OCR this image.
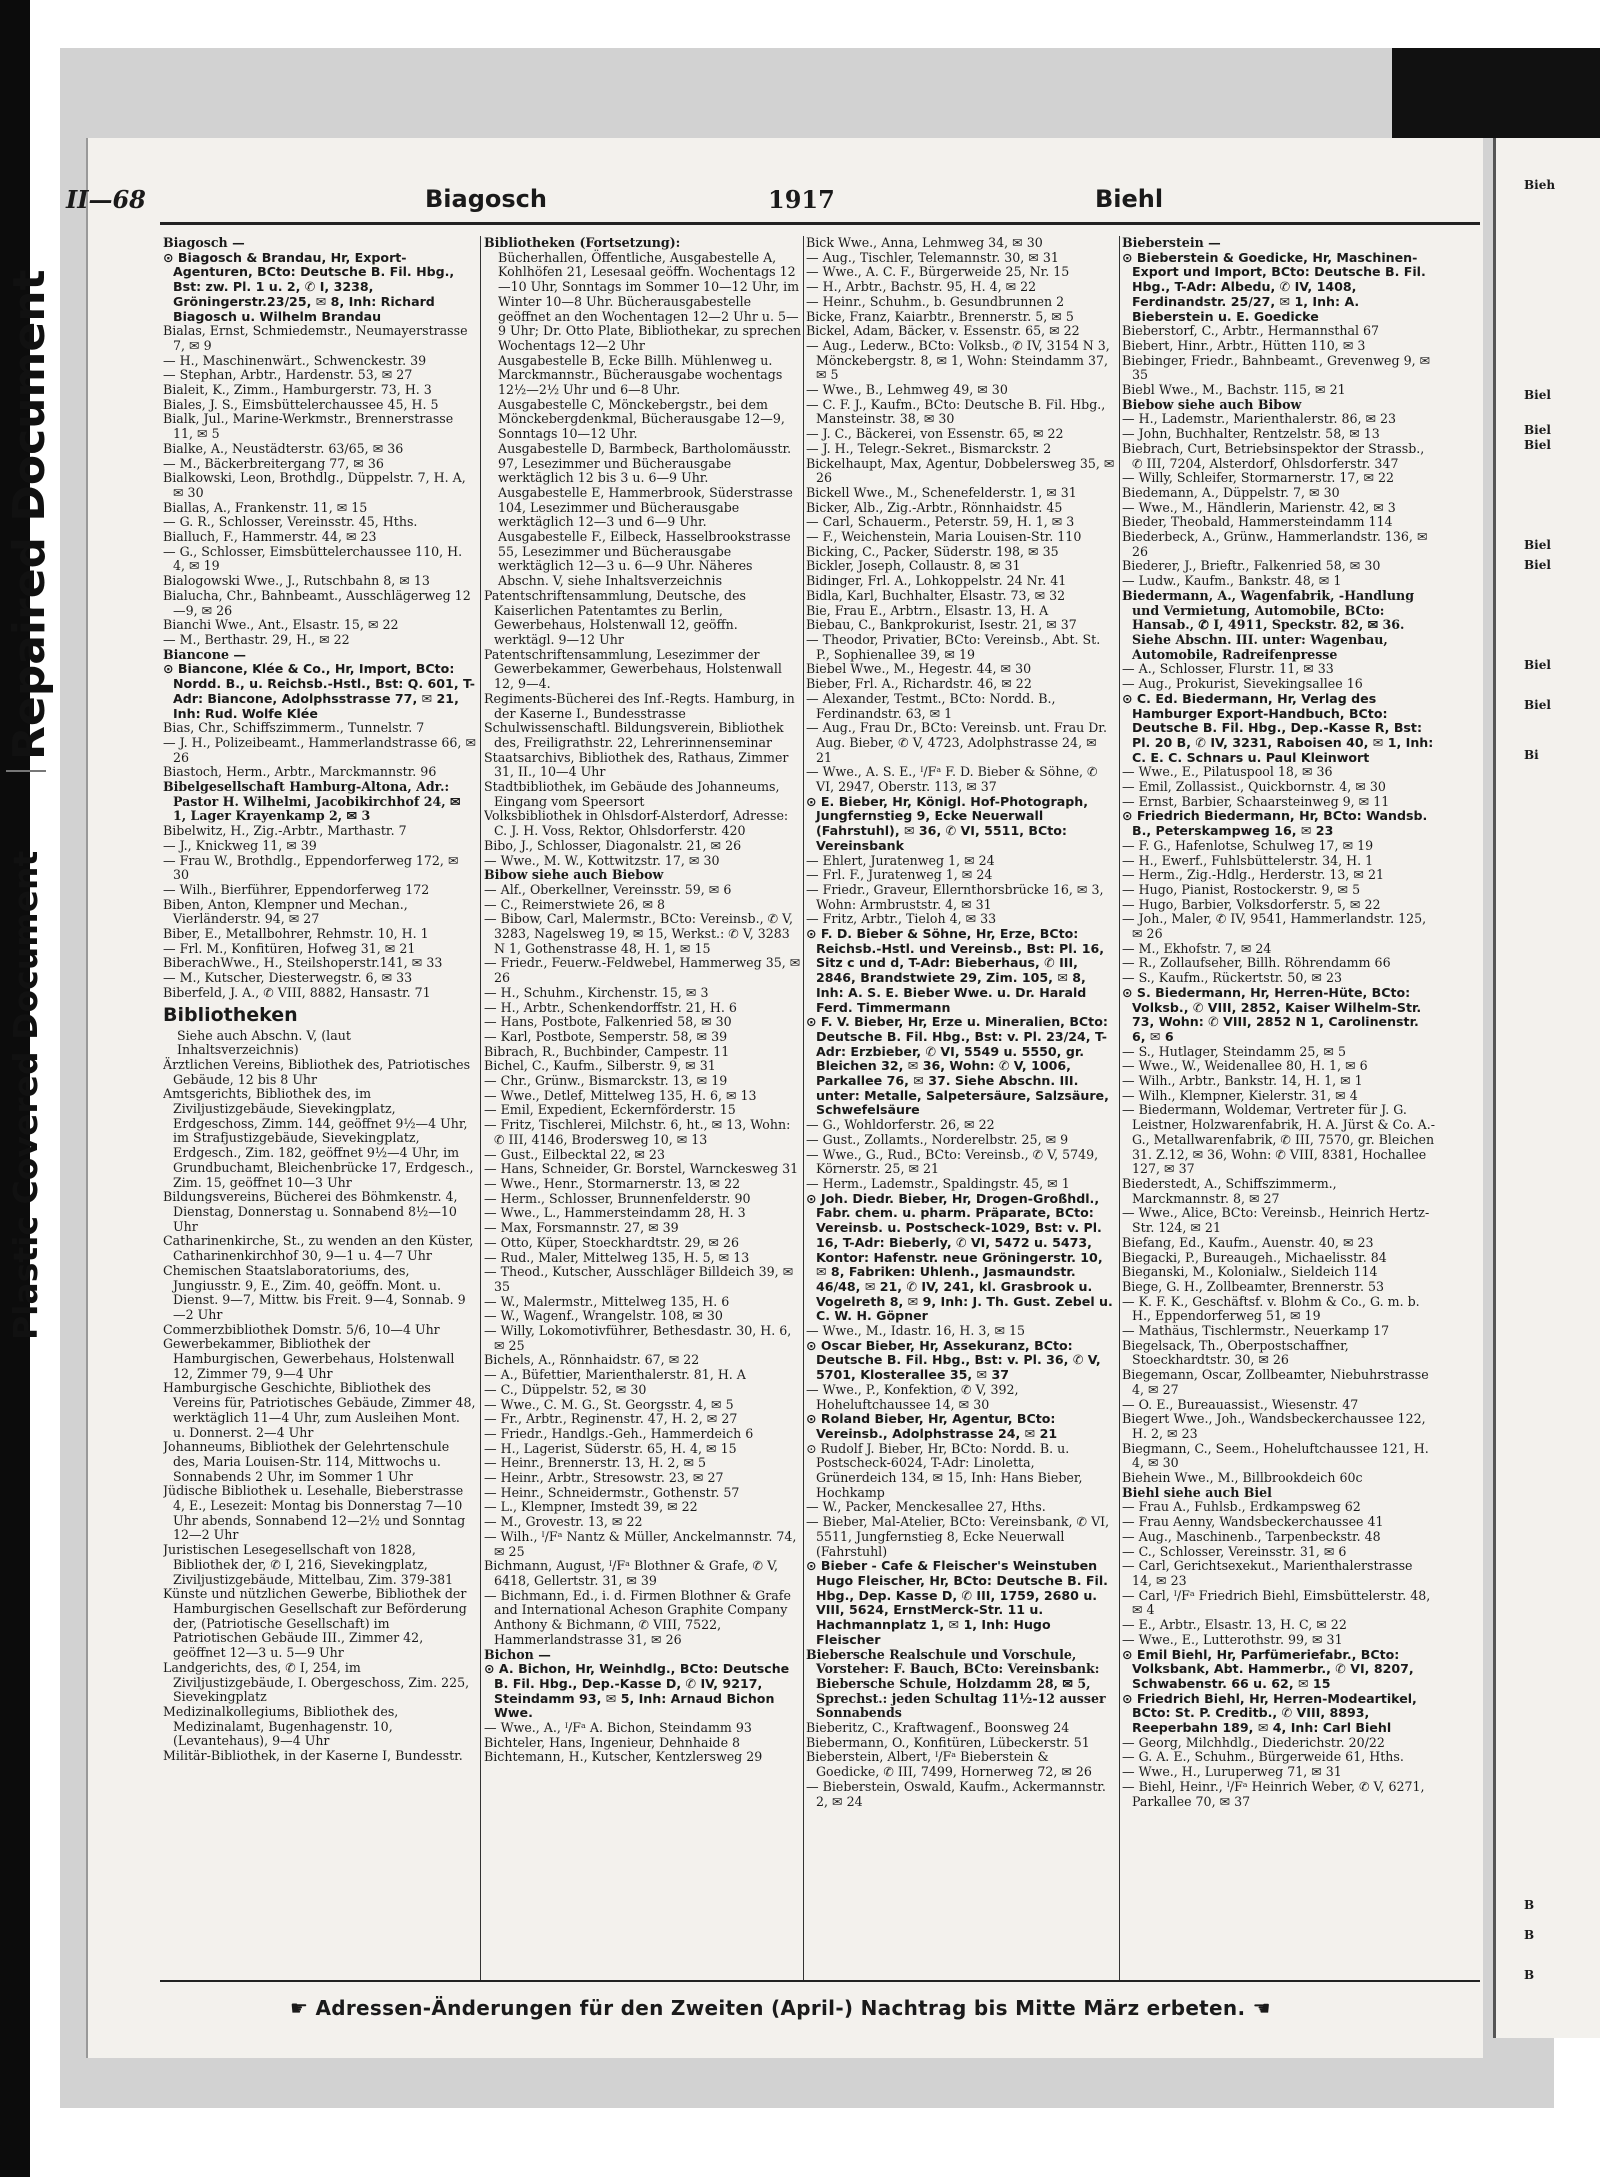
Repaired Document
Plastic Covered Document
Bieh
Biel
Biel
Biel
Biel
Biel
Biel
Biel
Bi
B
B
B
II—68	Biagosch	1917	Biehl

Biagosch —

⊙ Biagosch & Brandau, Hr, Export-Agenturen, BCto: Deutsche B. Fil. Hbg., Bst: zw. Pl. 1 u. 2, ✆ I, 3238, Gröningerstr.23/25, ✉ 8, Inh: Richard Biagosch u. Wilhelm Brandau

Bialas, Ernst, Schmiedemstr., Neumayerstrasse 7, ✉ 9

— H., Maschinenwärt., Schwenckestr. 39

— Stephan, Arbtr., Hardenstr. 53, ✉ 27

Bialeit, K., Zimm., Hamburgerstr. 73, H. 3

Biales, J. S., Eimsbüttelerchaussee 45, H. 5

Bialk, Jul., Marine-Werkmstr., Brennerstrasse 11, ✉ 5

Bialke, A., Neustädterstr. 63/65, ✉ 36

— M., Bäckerbreitergang 77, ✉ 36

Bialkowski, Leon, Brothdlg., Düppelstr. 7, H. A, ✉ 30

Biallas, A., Frankenstr. 11, ✉ 15

— G. R., Schlosser, Vereinsstr. 45, Hths.

Bialluch, F., Hammerstr. 44, ✉ 23

— G., Schlosser, Eimsbüttelerchaussee 110, H. 4, ✉ 19

Bialogowski Wwe., J., Rutschbahn 8, ✉ 13

Bialucha, Chr., Bahnbeamt., Ausschlägerweg 12—9, ✉ 26

Bianchi Wwe., Ant., Elsastr. 15, ✉ 22

— M., Berthastr. 29, H., ✉ 22

Biancone —

⊙ Biancone, Klée & Co., Hr, Import, BCto: Nordd. B., u. Reichsb.-Hstl., Bst: Q. 601, T-Adr: Biancone, Adolphsstrasse 77, ✉ 21, Inh: Rud. Wolfe Klée

Bias, Chr., Schiffszimmerm., Tunnelstr. 7

— J. H., Polizeibeamt., Hammerlandstrasse 66, ✉ 26

Biastoch, Herm., Arbtr., Marckmannstr. 96

Bibelgesellschaft Hamburg-Altona, Adr.: Pastor H. Wilhelmi, Jacobikirchhof 24, ✉ 1, Lager Krayenkamp 2, ✉ 3

Bibelwitz, H., Zig.-Arbtr., Marthastr. 7

— J., Knickweg 11, ✉ 39

— Frau W., Brothdlg., Eppendorferweg 172, ✉ 30

— Wilh., Bierführer, Eppendorferweg 172

Biben, Anton, Klempner und Mechan., Vierländerstr. 94, ✉ 27

Biber, E., Metallbohrer, Rehmstr. 10, H. 1

— Frl. M., Konfitüren, Hofweg 31, ✉ 21

BiberachWwe., H., Steilshoperstr.141, ✉ 33

— M., Kutscher, Diesterwegstr. 6, ✉ 33

Biberfeld, J. A., ✆ VIII, 8882, Hansastr. 71

Bibliotheken

Siehe auch Abschn. V, (laut Inhaltsverzeichnis)

Ärztlichen Vereins, Bibliothek des, Patriotisches Gebäude, 12 bis 8 Uhr

Amtsgerichts, Bibliothek des, im Ziviljustizgebäude, Sievekingplatz, Erdgeschoss, Zimm. 144, geöffnet 9½—4 Uhr, im Strafjustizgebäude, Sievekingplatz, Erdgesch., Zim. 182, geöffnet 9½—4 Uhr, im Grundbuchamt, Bleichenbrücke 17, Erdgesch., Zim. 15, geöffnet 10—3 Uhr

Bildungsvereins, Bücherei des Böhmkenstr. 4, Dienstag, Donnerstag u. Sonnabend 8½—10 Uhr

Catharinenkirche, St., zu wenden an den Küster, Catharinenkirchhof 30, 9—1 u. 4—7 Uhr

Chemischen Staatslaboratoriums, des, Jungiusstr. 9, E., Zim. 40, geöffn. Mont. u. Dienst. 9—7, Mittw. bis Freit. 9—4, Sonnab. 9—2 Uhr

Commerzbibliothek Domstr. 5/6, 10—4 Uhr

Gewerbekammer, Bibliothek der Hamburgischen, Gewerbehaus, Holstenwall 12, Zimmer 79, 9—4 Uhr

Hamburgische Geschichte, Bibliothek des Vereins für, Patriotisches Gebäude, Zimmer 48, werktäglich 11—4 Uhr, zum Ausleihen Mont. u. Donnerst. 2—4 Uhr

Johanneums, Bibliothek der Gelehrtenschule des, Maria Louisen-Str. 114, Mittwochs u. Sonnabends 2 Uhr, im Sommer 1 Uhr

Jüdische Bibliothek u. Lesehalle, Bieberstrasse 4, E., Lesezeit: Montag bis Donnerstag 7—10 Uhr abends, Sonnabend 12—2½ und Sonntag 12—2 Uhr

Juristischen Lesegesellschaft von 1828, Bibliothek der, ✆ I, 216, Sievekingplatz, Ziviljustizgebäude, Mittelbau, Zim. 379-381

Künste und nützlichen Gewerbe, Bibliothek der Hamburgischen Gesellschaft zur Beförderung der, (Patriotische Gesellschaft) im Patriotischen Gebäude III., Zimmer 42, geöffnet 12—3 u. 5—9 Uhr

Landgerichts, des, ✆ I, 254, im Ziviljustizgebäude, I. Obergeschoss, Zim. 225, Sievekingplatz

Medizinalkollegiums, Bibliothek des, Medizinalamt, Bugenhagenstr. 10, (Levantehaus), 9—4 Uhr

Militär-Bibliothek, in der Kaserne I, Bundesstr.

Bibliotheken (Fortsetzung):

Bücherhallen, Öffentliche, Ausgabestelle A, Kohlhöfen 21, Lesesaal geöffn. Wochentags 12—10 Uhr, Sonntags im Sommer 10—12 Uhr, im Winter 10—8 Uhr. Bücherausgabestelle geöffnet an den Wochentagen 12—2 Uhr u. 5—9 Uhr; Dr. Otto Plate, Bibliothekar, zu sprechen Wochentags 12—2 Uhr

Ausgabestelle B, Ecke Billh. Mühlenweg u. Marckmannstr., Bücherausgabe wochentags 12½—2½ Uhr und 6—8 Uhr.

Ausgabestelle C, Mönckebergstr., bei dem Mönckebergdenkmal, Bücherausgabe 12—9, Sonntags 10—12 Uhr.

Ausgabestelle D, Barmbeck, Bartholomäusstr. 97, Lesezimmer und Bücherausgabe werktäglich 12 bis 3 u. 6—9 Uhr.

Ausgabestelle E, Hammerbrook, Süderstrasse 104, Lesezimmer und Bücherausgabe werktäglich 12—3 und 6—9 Uhr.

Ausgabestelle F., Eilbeck, Hasselbrookstrasse 55, Lesezimmer und Bücherausgabe werktäglich 12—3 u. 6—9 Uhr. Näheres Abschn. V, siehe Inhaltsverzeichnis

Patentschriftensammlung, Deutsche, des Kaiserlichen Patentamtes zu Berlin, Gewerbehaus, Holstenwall 12, geöffn. werktägl. 9—12 Uhr

Patentschriftensammlung, Lesezimmer der Gewerbekammer, Gewerbehaus, Holstenwall 12, 9—4.

Regiments-Bücherei des Inf.-Regts. Hamburg, in der Kaserne I., Bundesstrasse

Schulwissenschaftl. Bildungsverein, Bibliothek des, Freiligrathstr. 22, Lehrerinnenseminar

Staatsarchivs, Bibliothek des, Rathaus, Zimmer 31, II., 10—4 Uhr

Stadtbibliothek, im Gebäude des Johanneums, Eingang vom Speersort

Volksbibliothek in Ohlsdorf-Alsterdorf, Adresse: C. J. H. Voss, Rektor, Ohlsdorferstr. 420

Bibo, J., Schlosser, Diagonalstr. 21, ✉ 26

— Wwe., M. W., Kottwitzstr. 17, ✉ 30

Bibow siehe auch Biebow

— Alf., Oberkellner, Vereinsstr. 59, ✉ 6

— C., Reimerstwiete 26, ✉ 8

— Bibow, Carl, Malermstr., BCto: Vereinsb., ✆ V, 3283, Nagelsweg 19, ✉ 15, Werkst.: ✆ V, 3283 N 1, Gothenstrasse 48, H. 1, ✉ 15

— Friedr., Feuerw.-Feldwebel, Hammerweg 35, ✉ 26

— H., Schuhm., Kirchenstr. 15, ✉ 3

— H., Arbtr., Schenkendorffstr. 21, H. 6

— Hans, Postbote, Falkenried 58, ✉ 30

— Karl, Postbote, Semperstr. 58, ✉ 39

Bibrach, R., Buchbinder, Campestr. 11

Bichel, C., Kaufm., Silberstr. 9, ✉ 31

— Chr., Grünw., Bismarckstr. 13, ✉ 19

— Wwe., Detlef, Mittelweg 135, H. 6, ✉ 13

— Emil, Expedient, Eckernförderstr. 15

— Fritz, Tischlerei, Milchstr. 6, ht., ✉ 13, Wohn: ✆ III, 4146, Brodersweg 10, ✉ 13

— Gust., Eilbecktal 22, ✉ 23

— Hans, Schneider, Gr. Borstel, Warnckesweg 31

— Wwe., Henr., Stormarnerstr. 13, ✉ 22

— Herm., Schlosser, Brunnenfelderstr. 90

— Wwe., L., Hammersteindamm 28, H. 3

— Max, Forsmannstr. 27, ✉ 39

— Otto, Küper, Stoeckhardtstr. 29, ✉ 26

— Rud., Maler, Mittelweg 135, H. 5, ✉ 13

— Theod., Kutscher, Ausschläger Billdeich 39, ✉ 35

— W., Malermstr., Mittelweg 135, H. 6

— W., Wagenf., Wrangelstr. 108, ✉ 30

— Willy, Lokomotivführer, Bethesdastr. 30, H. 6, ✉ 25

Bichels, A., Rönnhaidstr. 67, ✉ 22

— A., Büfettier, Marienthalerstr. 81, H. A

— C., Düppelstr. 52, ✉ 30

— Wwe., C. M. G., St. Georgsstr. 4, ✉ 5

— Fr., Arbtr., Reginenstr. 47, H. 2, ✉ 27

— Friedr., Handlgs.-Geh., Hammerdeich 6

— H., Lagerist, Süderstr. 65, H. 4, ✉ 15

— Heinr., Brennerstr. 13, H. 2, ✉ 5

— Heinr., Arbtr., Stresowstr. 23, ✉ 27

— Heinr., Schneidermstr., Gothenstr. 57

— L., Klempner, Imstedt 39, ✉ 22

— M., Grovestr. 13, ✉ 22

— Wilh., ᴵ/Fᵃ Nantz & Müller, Anckelmannstr. 74, ✉ 25

Bichmann, August, ᴵ/Fᵃ Blothner & Grafe, ✆ V, 6418, Gellertstr. 31, ✉ 39

— Bichmann, Ed., i. d. Firmen Blothner & Grafe and International Acheson Graphite Company Anthony & Bichmann, ✆ VIII, 7522, Hammerlandstrasse 31, ✉ 26

Bichon —

⊙ A. Bichon, Hr, Weinhdlg., BCto: Deutsche B. Fil. Hbg., Dep.-Kasse D, ✆ IV, 9217, Steindamm 93, ✉ 5, Inh: Arnaud Bichon Wwe.

— Wwe., A., ᴵ/Fᵃ A. Bichon, Steindamm 93

Bichteler, Hans, Ingenieur, Dehnhaide 8

Bichtemann, H., Kutscher, Kentzlersweg 29

Bick Wwe., Anna, Lehmweg 34, ✉ 30

— Aug., Tischler, Telemannstr. 30, ✉ 31

— Wwe., A. C. F., Bürgerweide 25, Nr. 15

— H., Arbtr., Bachstr. 95, H. 4, ✉ 22

— Heinr., Schuhm., b. Gesundbrunnen 2

Bicke, Franz, Kaiarbtr., Brennerstr. 5, ✉ 5

Bickel, Adam, Bäcker, v. Essenstr. 65, ✉ 22

— Aug., Lederw., BCto: Volksb., ✆ IV, 3154 N 3, Mönckebergstr. 8, ✉ 1, Wohn: Steindamm 37, ✉ 5

— Wwe., B., Lehmweg 49, ✉ 30

— C. F. J., Kaufm., BCto: Deutsche B. Fil. Hbg., Mansteinstr. 38, ✉ 30

— J. C., Bäckerei, von Essenstr. 65, ✉ 22

— J. H., Telegr.-Sekret., Bismarckstr. 2

Bickelhaupt, Max, Agentur, Dobbelersweg 35, ✉ 26

Bickell Wwe., M., Schenefelderstr. 1, ✉ 31

Bicker, Alb., Zig.-Arbtr., Rönnhaidstr. 45

— Carl, Schauerm., Peterstr. 59, H. 1, ✉ 3

— F., Weichenstein, Maria Louisen-Str. 110

Bicking, C., Packer, Süderstr. 198, ✉ 35

Bickler, Joseph, Collaustr. 8, ✉ 31

Bidinger, Frl. A., Lohkoppelstr. 24 Nr. 41

Bidla, Karl, Buchhalter, Elsastr. 73, ✉ 32

Bie, Frau E., Arbtrn., Elsastr. 13, H. A

Biebau, C., Bankprokurist, Isestr. 21, ✉ 37

— Theodor, Privatier, BCto: Vereinsb., Abt. St. P., Sophienallee 39, ✉ 19

Biebel Wwe., M., Hegestr. 44, ✉ 30

Bieber, Frl. A., Richardstr. 46, ✉ 22

— Alexander, Testmt., BCto: Nordd. B., Ferdinandstr. 63, ✉ 1

— Aug., Frau Dr., BCto: Vereinsb. unt. Frau Dr. Aug. Bieber, ✆ V, 4723, Adolphstrasse 24, ✉ 21

— Wwe., A. S. E., ᴵ/Fᵃ F. D. Bieber & Söhne, ✆ VI, 2947, Oberstr. 113, ✉ 37

⊙ E. Bieber, Hr, Königl. Hof-Photograph, Jungfernstieg 9, Ecke Neuerwall (Fahrstuhl), ✉ 36, ✆ VI, 5511, BCto: Vereinsbank

— Ehlert, Juratenweg 1, ✉ 24

— Frl. F., Juratenweg 1, ✉ 24

— Friedr., Graveur, Ellernthorsbrücke 16, ✉ 3, Wohn: Armbruststr. 4, ✉ 31

— Fritz, Arbtr., Tieloh 4, ✉ 33

⊙ F. D. Bieber & Söhne, Hr, Erze, BCto: Reichsb.-Hstl. und Vereinsb., Bst: Pl. 16, Sitz c und d, T-Adr: Bieberhaus, ✆ III, 2846, Brandstwiete 29, Zim. 105, ✉ 8, Inh: A. S. E. Bieber Wwe. u. Dr. Harald Ferd. Timmermann

⊙ F. V. Bieber, Hr, Erze u. Mineralien, BCto: Deutsche B. Fil. Hbg., Bst: v. Pl. 23/24, T-Adr: Erzbieber, ✆ VI, 5549 u. 5550, gr. Bleichen 32, ✉ 36, Wohn: ✆ V, 1006, Parkallee 76, ✉ 37. Siehe Abschn. III. unter: Metalle, Salpetersäure, Salzsäure, Schwefelsäure

— G., Wohldorferstr. 26, ✉ 22

— Gust., Zollamts., Norderelbstr. 25, ✉ 9

— Wwe., G., Rud., BCto: Vereinsb., ✆ V, 5749, Körnerstr. 25, ✉ 21

— Herm., Lademstr., Spaldingstr. 45, ✉ 1

⊙ Joh. Diedr. Bieber, Hr, Drogen-Großhdl., Fabr. chem. u. pharm. Präparate, BCto: Vereinsb. u. Postscheck-1029, Bst: v. Pl. 16, T-Adr: Bieberly, ✆ VI, 5472 u. 5473, Kontor: Hafenstr. neue Gröningerstr. 10, ✉ 8, Fabriken: Uhlenh., Jasmaundstr. 46/48, ✉ 21, ✆ IV, 241, kl. Grasbrook u. Vogelreth 8, ✉ 9, Inh: J. Th. Gust. Zebel u. C. W. H. Göpner

— Wwe., M., Idastr. 16, H. 3, ✉ 15

⊙ Oscar Bieber, Hr, Assekuranz, BCto: Deutsche B. Fil. Hbg., Bst: v. Pl. 36, ✆ V, 5701, Klosterallee 35, ✉ 37

— Wwe., P., Konfektion, ✆ V, 392, Hoheluftchaussee 14, ✉ 30

⊙ Roland Bieber, Hr, Agentur, BCto: Vereinsb., Adolphstrasse 24, ✉ 21

⊙ Rudolf J. Bieber, Hr, BCto: Nordd. B. u. Postscheck-6024, T-Adr: Linoletta, Grünerdeich 134, ✉ 15, Inh: Hans Bieber, Hochkamp

— W., Packer, Menckesallee 27, Hths.

— Bieber, Mal-Atelier, BCto: Vereinsbank, ✆ VI, 5511, Jungfernstieg 8, Ecke Neuerwall (Fahrstuhl)

⊙ Bieber - Cafe & Fleischer's Weinstuben Hugo Fleischer, Hr, BCto: Deutsche B. Fil. Hbg., Dep. Kasse D, ✆ III, 1759, 2680 u. VIII, 5624, ErnstMerck-Str. 11 u. Hachmannplatz 1, ✉ 1, Inh: Hugo Fleischer

Biebersche Realschule und Vorschule, Vorsteher: F. Bauch, BCto: Vereinsbank: Biebersche Schule, Holzdamm 28, ✉ 5, Sprechst.: jeden Schultag 11½-12 ausser Sonnabends

Bieberitz, C., Kraftwagenf., Boonsweg 24

Biebermann, O., Konfitüren, Lübeckerstr. 51

Bieberstein, Albert, ᴵ/Fᵃ Bieberstein & Goedicke, ✆ III, 7499, Hornerweg 72, ✉ 26

— Bieberstein, Oswald, Kaufm., Ackermannstr. 2, ✉ 24

Bieberstein —

⊙ Bieberstein & Goedicke, Hr, Maschinen-Export und Import, BCto: Deutsche B. Fil. Hbg., T-Adr: Albedu, ✆ IV, 1408, Ferdinandstr. 25/27, ✉ 1, Inh: A. Bieberstein u. E. Goedicke

Bieberstorf, C., Arbtr., Hermannsthal 67

Biebert, Hinr., Arbtr., Hütten 110, ✉ 3

Biebinger, Friedr., Bahnbeamt., Grevenweg 9, ✉ 35

Biebl Wwe., M., Bachstr. 115, ✉ 21

Biebow siehe auch Bibow

— H., Lademstr., Marienthalerstr. 86, ✉ 23

— John, Buchhalter, Rentzelstr. 58, ✉ 13

Biebrach, Curt, Betriebsinspektor der Strassb., ✆ III, 7204, Alsterdorf, Ohlsdorferstr. 347

— Willy, Schleifer, Stormarnerstr. 17, ✉ 22

Biedemann, A., Düppelstr. 7, ✉ 30

— Wwe., M., Händlerin, Marienstr. 42, ✉ 3

Bieder, Theobald, Hammersteindamm 114

Biederbeck, A., Grünw., Hammerlandstr. 136, ✉ 26

Biederer, J., Brieftr., Falkenried 58, ✉ 30

— Ludw., Kaufm., Bankstr. 48, ✉ 1

Biedermann, A., Wagenfabrik, -Handlung und Vermietung, Automobile, BCto: Hansab., ✆ I, 4911, Speckstr. 82, ✉ 36. Siehe Abschn. III. unter: Wagenbau, Automobile, Radreifenpresse

— A., Schlosser, Flurstr. 11, ✉ 33

— Aug., Prokurist, Sievekingsallee 16

⊙ C. Ed. Biedermann, Hr, Verlag des Hamburger Export-Handbuch, BCto: Deutsche B. Fil. Hbg., Dep.-Kasse R, Bst: Pl. 20 B, ✆ IV, 3231, Raboisen 40, ✉ 1, Inh: C. E. C. Schnars u. Paul Kleinwort

— Wwe., E., Pilatuspool 18, ✉ 36

— Emil, Zollassist., Quickbornstr. 4, ✉ 30

— Ernst, Barbier, Schaarsteinweg 9, ✉ 11

⊙ Friedrich Biedermann, Hr, BCto: Wandsb. B., Peterskampweg 16, ✉ 23

— F. G., Hafenlotse, Schulweg 17, ✉ 19

— H., Ewerf., Fuhlsbüttelerstr. 34, H. 1

— Herm., Zig.-Hdlg., Herderstr. 13, ✉ 21

— Hugo, Pianist, Rostockerstr. 9, ✉ 5

— Hugo, Barbier, Volksdorferstr. 5, ✉ 22

— Joh., Maler, ✆ IV, 9541, Hammerlandstr. 125, ✉ 26

— M., Ekhofstr. 7, ✉ 24

— R., Zollaufseher, Billh. Röhrendamm 66

— S., Kaufm., Rückertstr. 50, ✉ 23

⊙ S. Biedermann, Hr, Herren-Hüte, BCto: Volksb., ✆ VIII, 2852, Kaiser Wilhelm-Str. 73, Wohn: ✆ VIII, 2852 N 1, Carolinenstr. 6, ✉ 6

— S., Hutlager, Steindamm 25, ✉ 5

— Wwe., W., Weidenallee 80, H. 1, ✉ 6

— Wilh., Arbtr., Bankstr. 14, H. 1, ✉ 1

— Wilh., Klempner, Kielerstr. 31, ✉ 4

— Biedermann, Woldemar, Vertreter für J. G. Leistner, Holzwarenfabrik, H. A. Jürst & Co. A.-G., Metallwarenfabrik, ✆ III, 7570, gr. Bleichen 31. Z.12, ✉ 36, Wohn: ✆ VIII, 8381, Hochallee 127, ✉ 37

Biederstedt, A., Schiffszimmerm., Marckmannstr. 8, ✉ 27

— Wwe., Alice, BCto: Vereinsb., Heinrich Hertz-Str. 124, ✉ 21

Biefang, Ed., Kaufm., Auenstr. 40, ✉ 23

Biegacki, P., Bureaugeh., Michaelisstr. 84

Bieganski, M., Kolonialw., Sieldeich 114

Biege, G. H., Zollbeamter, Brennerstr. 53

— K. F. K., Geschäftsf. v. Blohm & Co., G. m. b. H., Eppendorferweg 51, ✉ 19

— Mathäus, Tischlermstr., Neuerkamp 17

Biegelsack, Th., Oberpostschaffner, Stoeckhardtstr. 30, ✉ 26

Biegemann, Oscar, Zollbeamter, Niebuhrstrasse 4, ✉ 27

— O. E., Bureauassist., Wiesenstr. 47

Biegert Wwe., Joh., Wandsbeckerchaussee 122, H. 2, ✉ 23

Biegmann, C., Seem., Hoheluftchaussee 121, H. 4, ✉ 30

Biehein Wwe., M., Billbrookdeich 60c

Biehl siehe auch Biel

— Frau A., Fuhlsb., Erdkampsweg 62

— Frau Aenny, Wandsbeckerchaussee 41

— Aug., Maschinenb., Tarpenbeckstr. 48

— C., Schlosser, Vereinsstr. 31, ✉ 6

— Carl, Gerichtsexekut., Marienthalerstrasse 14, ✉ 23

— Carl, ᴵ/Fᵃ Friedrich Biehl, Eimsbüttelerstr. 48, ✉ 4

— E., Arbtr., Elsastr. 13, H. C, ✉ 22

— Wwe., E., Lutterothstr. 99, ✉ 31

⊙ Emil Biehl, Hr, Parfümeriefabr., BCto: Volksbank, Abt. Hammerbr., ✆ VI, 8207, Schwabenstr. 66 u. 62, ✉ 15

⊙ Friedrich Biehl, Hr, Herren-Modeartikel, BCto: St. P. Creditb., ✆ VIII, 8893, Reeperbahn 189, ✉ 4, Inh: Carl Biehl

— Georg, Milchhdlg., Diederichstr. 20/22

— G. A. E., Schuhm., Bürgerweide 61, Hths.

— Wwe., H., Luruperweg 71, ✉ 31

— Biehl, Heinr., ᴵ/Fᵃ Heinrich Weber, ✆ V, 6271, Parkallee 70, ✉ 37

☛ Adressen-Änderungen für den Zweiten (April-) Nachtrag bis Mitte März erbeten. ☚
